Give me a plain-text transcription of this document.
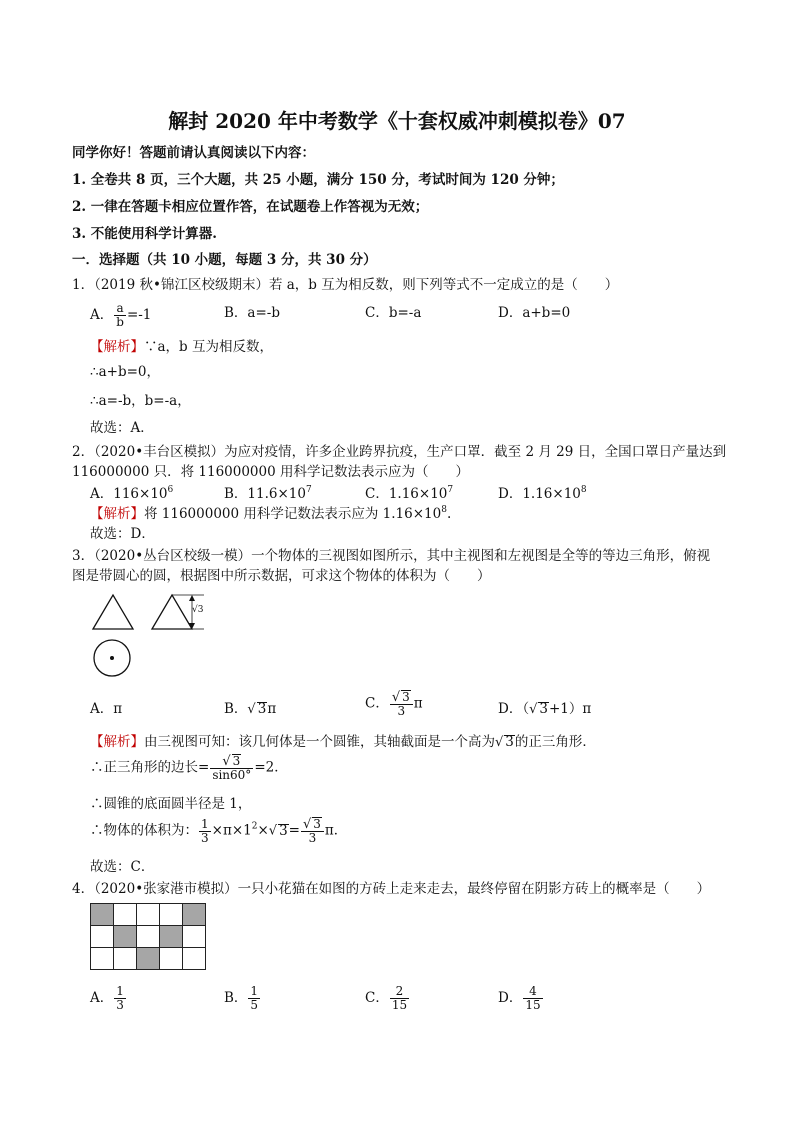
解封 2020 年中考数学《十套权威冲刺模拟卷》07
同学你好！答题前请认真阅读以下内容：
1. 全卷共 8 页，三个大题，共 25 小题，满分 150 分，考试时间为 120 分钟；
2. 一律在答题卡相应位置作答，在试题卷上作答视为无效；
3. 不能使用科学计算器.
一．选择题（共 10 小题，每题 3 分，共 30 分）
1．（2019 秋•锦江区校级期末）若 a，b 互为相反数，则下列等式不一定成立的是（　　）
A． $\frac{a}{b} =-1$	B．a=-b	C．b=-a	D．a+b=0
【解析】∵a，b 互为相反数，
∴a+b=0，
∴a=-b，b=-a，
故选：A．
2．（2020•丰台区模拟）为应对疫情，许多企业跨界抗疫，生产口罩．截至 2 月 29 日，全国口罩日产量达到
116000000 只．将 116000000 用科学记数法表示应为（　　）
A．$116\times 10^6$	B．$11.6\times 10^7$	C．$1.16\times 10^7$	D．$1.16\times 10^8$
【解析】将 116000000 用科学记数法表示应为 $1.16\times 10^8$.
故选：D．
3．（2020•丛台区校级一模）一个物体的三视图如图所示，其中主视图和左视图是全等的等边三角形，俯视
图是带圆心的圆，根据图中所示数据，可求这个物体的体积为（　　）
√3
A．π	B．√ 3π	C． $\frac{√ 3}{3}$ π	D．（√ 3+1）π
【解析】由三视图可知：该几何体是一个圆锥，其轴截面是一个高为√ 3的正三角形．
∴正三角形的边长= $\frac{√ 3}{\sin 60^\circ} =2$．
∴圆锥的底面圆半径是 1，
∴物体的体积为： $\frac{1}{3} \times\pi\times 1^2\times√$ $3= \frac{√ 3}{3}$ π．
故选：C．
4．（2020•张家港市模拟）一只小花猫在如图的方砖上走来走去，最终停留在阴影方砖上的概率是（　　）

A． $\frac{1}{3}$	B． $\frac{1}{5}$	C． $\frac{2}{15}$	D． $\frac{4}{15}$
